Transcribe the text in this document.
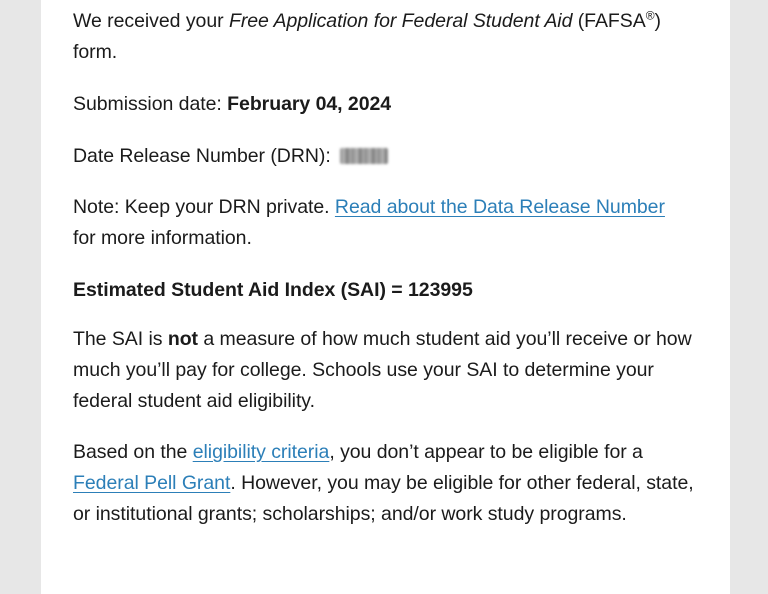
We received your Free Application for Federal Student Aid (FAFSA®)
form.

Submission date: February 04, 2024

Date Release Number (DRN):

Note: Keep your DRN private. Read about the Data Release Number
for more information.

Estimated Student Aid Index (SAI) = 123995

The SAI is not a measure of how much student aid you’ll receive or how much you’ll pay for college. Schools use your SAI to determine your federal student aid eligibility.

Based on the eligibility criteria, you don’t appear to be eligible for a Federal Pell Grant. However, you may be eligible for other federal, state, or institutional grants; scholarships; and/or work study programs.
